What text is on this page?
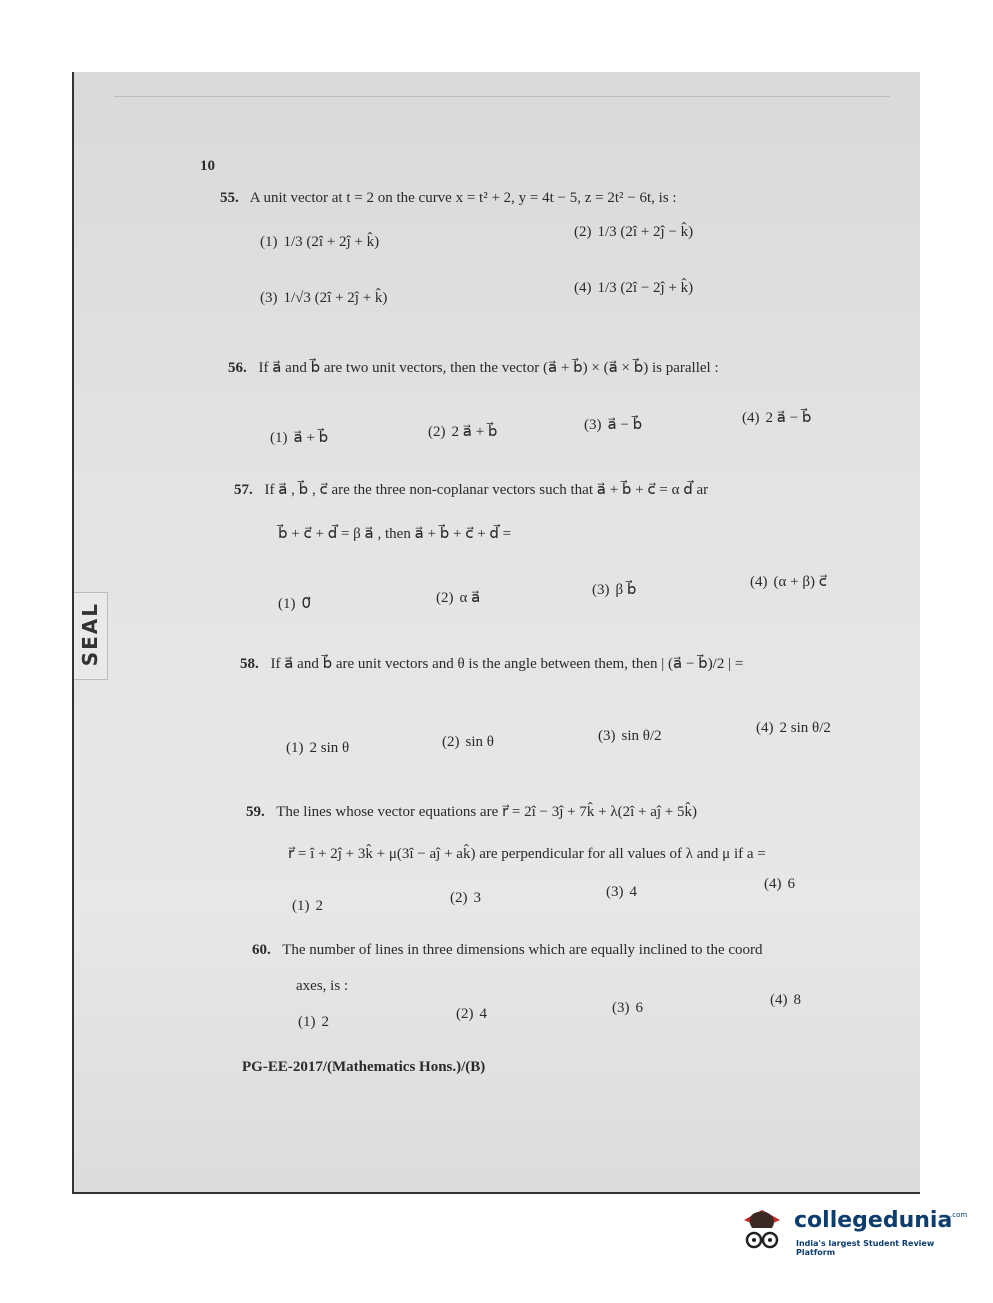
SEAL
10
55. A unit vector at t = 2 on the curve x = t² + 2, y = 4t − 5, z = 2t² − 6t, is :
(1) 1/3 (2î + 2ĵ + k̂)
(2) 1/3 (2î + 2ĵ − k̂)
(3) 1/√3 (2î + 2ĵ + k̂)
(4) 1/3 (2î − 2ĵ + k̂)
56. If a⃗ and b⃗ are two unit vectors, then the vector (a⃗ + b⃗) × (a⃗ × b⃗) is parallel :
(1) a⃗ + b⃗	(2) 2 a⃗ + b⃗	(3) a⃗ − b⃗	(4) 2 a⃗ − b⃗
57. If a⃗ , b⃗ , c⃗ are the three non-coplanar vectors such that a⃗ + b⃗ + c⃗ = α d⃗ ar
b⃗ + c⃗ + d⃗ = β a⃗ , then a⃗ + b⃗ + c⃗ + d⃗ =
(1) 0⃗	(2) α a⃗	(3) β b⃗	(4) (α + β) c⃗
58. If a⃗ and b⃗ are unit vectors and θ is the angle between them, then | (a⃗ − b⃗)/2 | =
(1) 2 sin θ	(2) sin θ	(3) sin θ/2	(4) 2 sin θ/2
59. The lines whose vector equations are r⃗ = 2î − 3ĵ + 7k̂ + λ(2î + aĵ + 5k̂)
r⃗ = î + 2ĵ + 3k̂ + μ(3î − aĵ + ak̂) are perpendicular for all values of λ and μ if a =
(1) 2	(2) 3	(3) 4	(4) 6
60. The number of lines in three dimensions which are equally inclined to the coord
axes, is :
(1) 2	(2) 4	(3) 6	(4) 8
PG-EE-2017/(Mathematics Hons.)/(B)
collegedunia
.com
India's largest Student Review Platform
